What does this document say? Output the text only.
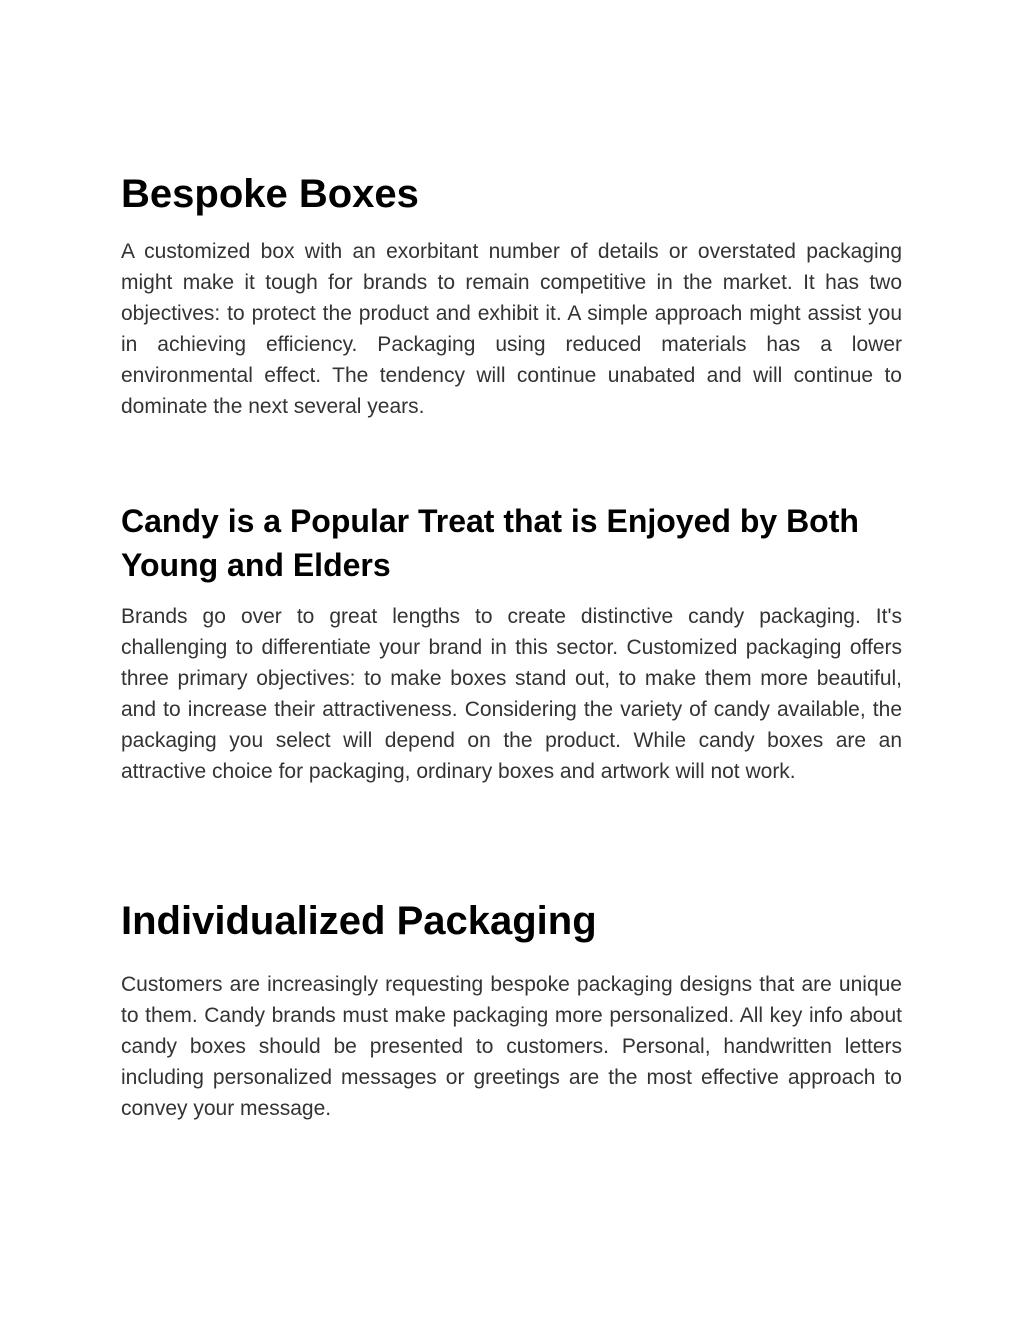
Bespoke Boxes

A customized box with an exorbitant number of details or overstated packaging might make it tough for brands to remain competitive in the market. It has two objectives: to protect the product and exhibit it. A simple approach might assist you in achieving efficiency. Packaging using reduced materials has a lower environmental effect. The tendency will continue unabated and will continue to dominate the next several years.

Candy is a Popular Treat that is Enjoyed by Both Young and Elders

Brands go over to great lengths to create distinctive candy packaging. It's challenging to differentiate your brand in this sector. Customized packaging offers three primary objectives: to make boxes stand out, to make them more beautiful, and to increase their attractiveness. Considering the variety of candy available, the packaging you select will depend on the product. While candy boxes are an attractive choice for packaging, ordinary boxes and artwork will not work.

Individualized Packaging

Customers are increasingly requesting bespoke packaging designs that are unique to them. Candy brands must make packaging more personalized. All key info about candy boxes should be presented to customers. Personal, handwritten letters including personalized messages or greetings are the most effective approach to convey your message.
